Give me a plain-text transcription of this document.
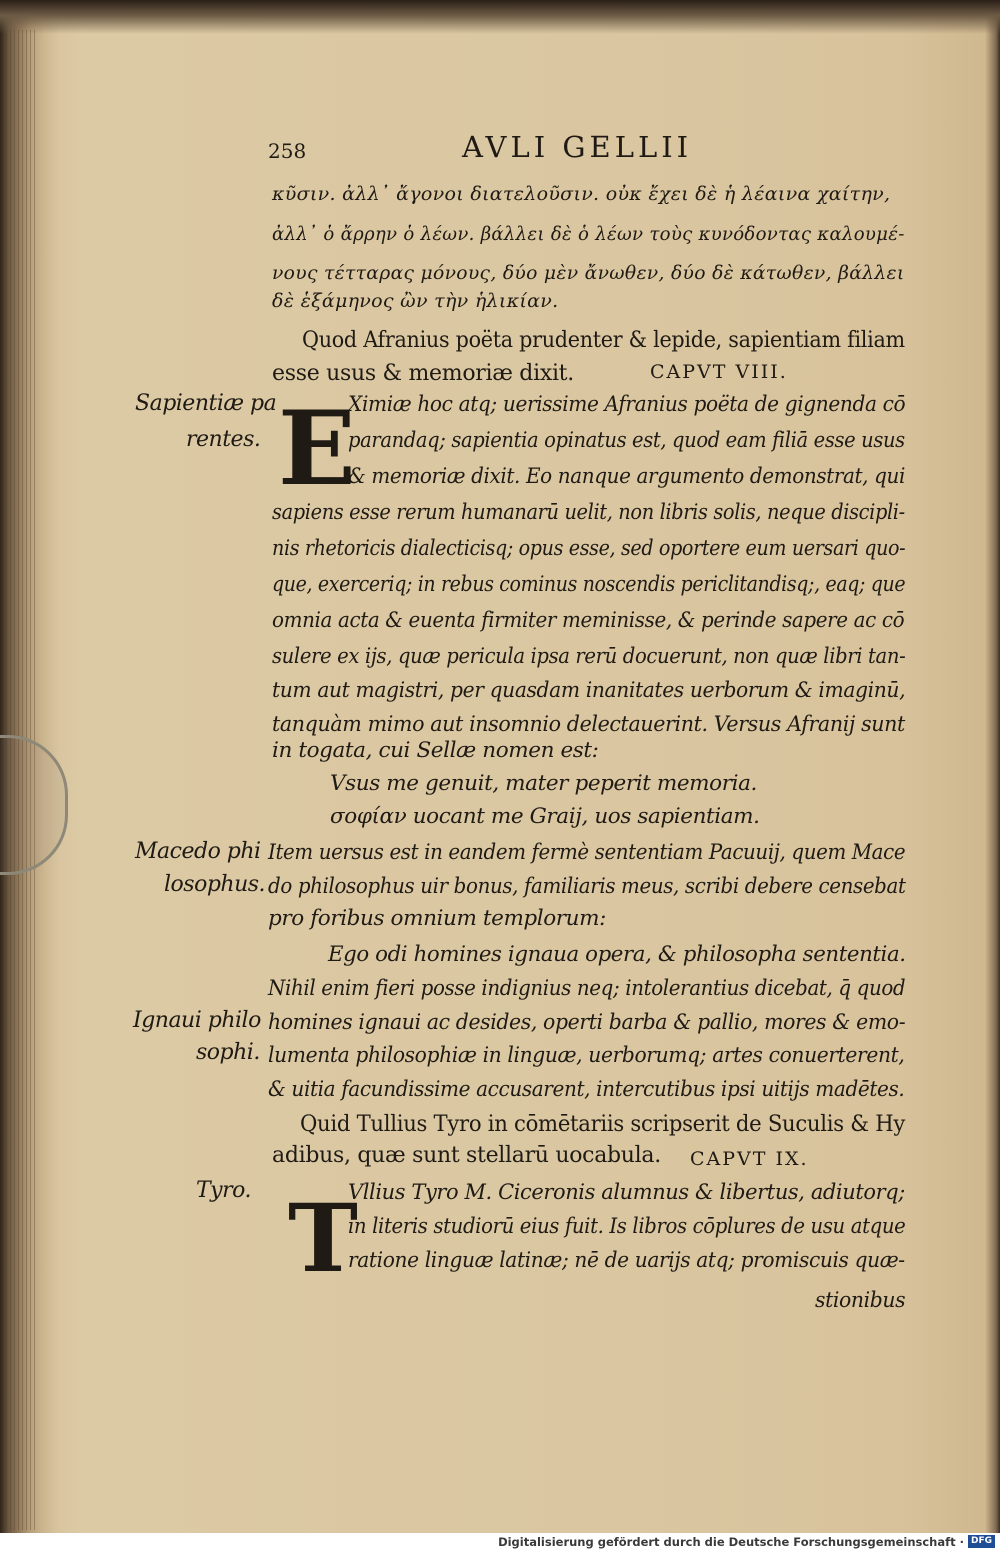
258	AVLI GELLII
κῦσιν. ἀλλ᾽ ἄγονοι διατελοῦσιν. οὐκ ἔχει δὲ ἡ λέαινα χαίτην,
ἀλλ᾽ ὁ ἄρρην ὁ λέων. βάλλει δὲ ὁ λέων τοὺς κυνόδοντας καλουμέ-
νους τέτταρας μόνους, δύο μὲν ἄνωθεν, δύο δὲ κάτωθεν, βάλλει
δὲ ἑξάμηνος ὢν τὴν ἡλικίαν.
Quod Afranius poëta prudenter & lepide, sapientiam filiam
esse usus & memoriæ dixit.	CAPVT VIII.
E
Ximiæ hoc atq; uerissime Afranius poëta de gignenda cō
parandaq; sapientia opinatus est, quod eam filiā esse usus
& memoriæ dixit. Eo nanque argumento demonstrat, qui
sapiens esse rerum humanarū uelit, non libris solis, neque discipli-
nis rhetoricis dialecticisq; opus esse, sed oportere eum uersari quo-
que, exerceriq; in rebus cominus noscendis periclitandisq;, eaq; que
omnia acta & euenta firmiter meminisse, & perinde sapere ac cō
sulere ex ijs, quæ pericula ipsa rerū docuerunt, non quæ libri tan-
tum aut magistri, per quasdam inanitates uerborum & imaginū,
tanquàm mimo aut insomnio delectauerint. Versus Afranij sunt
in togata, cui Sellæ nomen est:
Vsus me genuit, mater peperit memoria.
σοφίαν uocant me Graij, uos sapientiam.
Item uersus est in eandem fermè sententiam Pacuuij, quem Mace
do philosophus uir bonus, familiaris meus, scribi debere censebat
pro foribus omnium templorum:
Ego odi homines ignaua opera, & philosopha sententia.
Nihil enim fieri posse indignius neq; intolerantius dicebat, q̄ quod
homines ignaui ac desides, operti barba & pallio, mores & emo-
lumenta philosophiæ in linguæ, uerborumq; artes conuerterent,
& uitia facundissime accusarent, intercutibus ipsi uitijs madētes.
Quid Tullius Tyro in cōmētariis scripserit de Suculis & Hy
adibus, quæ sunt stellarū uocabula. CAPVT IX.
T
Vllius Tyro M. Ciceronis alumnus & libertus, adiutorq;
in literis studiorū eius fuit. Is libros cōplures de usu atque
ratione linguæ latinæ; nē de uarijs atq; promiscuis quæ-
stionibus
Sapientiæ pa
rentes.
Macedo phi
losophus.
Ignaui philo
sophi.
Tyro.
Digitalisierung gefördert durch die Deutsche Forschungsgemeinschaft · DFG
